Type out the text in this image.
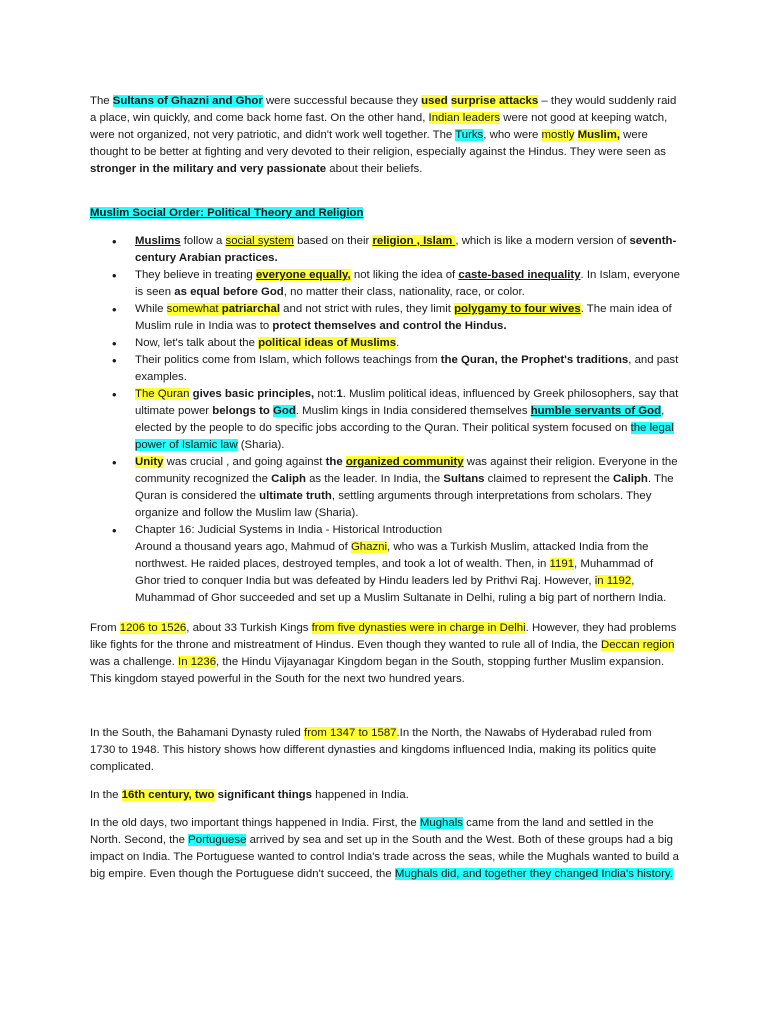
The Sultans of Ghazni and Ghor were successful because they used surprise attacks – they would suddenly raid a place, win quickly, and come back home fast. On the other hand, Indian leaders were not good at keeping watch, were not organized, not very patriotic, and didn't work well together. The Turks, who were mostly Muslim, were thought to be better at fighting and very devoted to their religion, especially against the Hindus. They were seen as stronger in the military and very passionate about their beliefs.

Muslim Social Order: Political Theory and Religion

• Muslims follow a social system based on their religion , Islam , which is like a modern version of seventh-century Arabian practices.
• They believe in treating everyone equally, not liking the idea of caste-based inequality. In Islam, everyone is seen as equal before God, no matter their class, nationality, race, or color.
• While somewhat patriarchal and not strict with rules, they limit polygamy to four wives. The main idea of Muslim rule in India was to protect themselves and control the Hindus.
• Now, let's talk about the political ideas of Muslims.
• Their politics come from Islam, which follows teachings from the Quran, the Prophet's traditions, and past examples.
• The Quran gives basic principles, not:1. Muslim political ideas, influenced by Greek philosophers, say that ultimate power belongs to God. Muslim kings in India considered themselves humble servants of God, elected by the people to do specific jobs according to the Quran. Their political system focused on the legal power of Islamic law (Sharia).
• Unity was crucial , and going against the organized community was against their religion. Everyone in the community recognized the Caliph as the leader. In India, the Sultans claimed to represent the Caliph. The Quran is considered the ultimate truth, settling arguments through interpretations from scholars. They organize and follow the Muslim law (Sharia).
• Chapter 16: Judicial Systems in India - Historical Introduction
Around a thousand years ago, Mahmud of Ghazni, who was a Turkish Muslim, attacked India from the northwest. He raided places, destroyed temples, and took a lot of wealth. Then, in 1191, Muhammad of Ghor tried to conquer India but was defeated by Hindu leaders led by Prithvi Raj. However, in 1192, Muhammad of Ghor succeeded and set up a Muslim Sultanate in Delhi, ruling a big part of northern India.

From 1206 to 1526, about 33 Turkish Kings from five dynasties were in charge in Delhi. However, they had problems like fights for the throne and mistreatment of Hindus. Even though they wanted to rule all of India, the Deccan region was a challenge. In 1236, the Hindu Vijayanagar Kingdom began in the South, stopping further Muslim expansion. This kingdom stayed powerful in the South for the next two hundred years.

In the South, the Bahamani Dynasty ruled from 1347 to 1587.In the North, the Nawabs of Hyderabad ruled from 1730 to 1948. This history shows how different dynasties and kingdoms influenced India, making its politics quite complicated.

In the 16th century, two significant things happened in India.

In the old days, two important things happened in India. First, the Mughals came from the land and settled in the North. Second, the Portuguese arrived by sea and set up in the South and the West. Both of these groups had a big impact on India. The Portuguese wanted to control India's trade across the seas, while the Mughals wanted to build a big empire. Even though the Portuguese didn't succeed, the Mughals did, and together they changed India's history.
